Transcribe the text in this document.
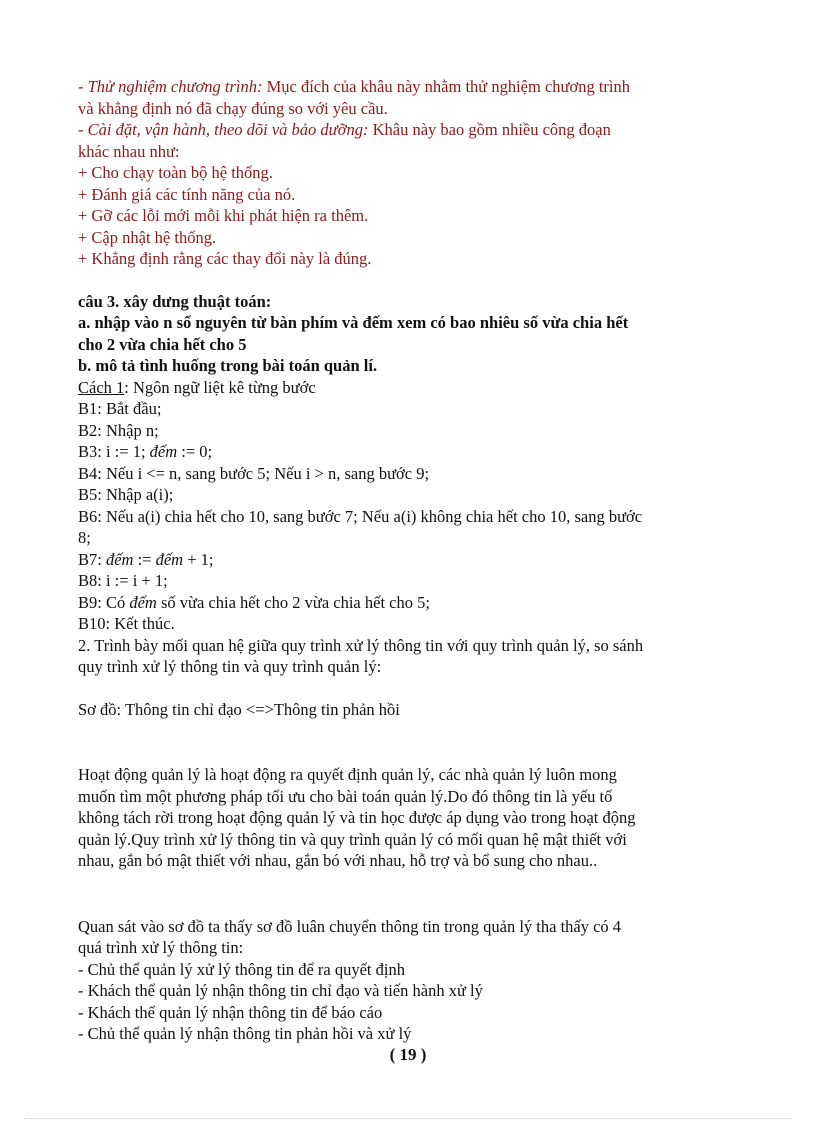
- Thử nghiệm chương trình: Mục đích của khâu này nhằm thử nghiệm chương trình
và khẳng định nó đã chạy đúng so với yêu cầu.
- Cài đặt, vận hành, theo dõi và bảo dưỡng: Khâu này bao gồm nhiều công đoạn
khác nhau như:
+ Cho chạy toàn bộ hệ thống.
+ Đánh giá các tính năng của nó.
+ Gỡ các lỗi mới mỗi khi phát hiện ra thêm.
+ Cập nhật hệ thống.
+ Khẳng định rằng các thay đổi này là đúng.
câu 3. xây dưng thuật toán:
a. nhập vào n số nguyên từ bàn phím và đếm xem có bao nhiêu số vừa chia hết
cho 2 vừa chia hết cho 5
b. mô tả tình huống trong bài toán quản lí.
Cách 1: Ngôn ngữ liệt kê từng bước
B1: Bắt đầu;
B2: Nhập n;
B3: i := 1; đếm := 0;
B4: Nếu i <= n, sang bước 5; Nếu i > n, sang bước 9;
B5: Nhập a(i);
B6: Nếu a(i) chia hết cho 10, sang bước 7; Nếu a(i) không chia hết cho 10, sang bước
8;
B7: đếm := đếm + 1;
B8: i := i + 1;
B9: Có đếm số vừa chia hết cho 2 vừa chia hết cho 5;
B10: Kết thúc.
2. Trình bày mối quan hệ giữa quy trình xử lý thông tin với quy trình quản lý, so sánh
quy trình xử lý thông tin và quy trình quản lý:
Sơ đồ: Thông tin chỉ đạo <=>Thông tin phản hồi
Hoạt động quản lý là hoạt động ra quyết định quản lý, các nhà quản lý luôn mong
muốn tìm một phương pháp tối ưu cho bài toán quản lý.Do đó thông tin là yếu tố
không tách rời trong hoạt động quản lý và tin học được áp dụng vào trong hoạt động
quản lý.Quy trình xử lý thông tin và quy trình quản lý có mối quan hệ mật thiết với
nhau, gắn bó mật thiết với nhau, gắn bó với nhau, hỗ trợ và bổ sung cho nhau..
Quan sát vào sơ đồ ta thấy sơ đồ luân chuyển thông tin trong quản lý tha thấy có 4
quá trình xử lý thông tin:
- Chủ thể quản lý xử lý thông tin để ra quyết định
- Khách thể quản lý nhận thông tin chỉ đạo và tiến hành xử lý
- Khách thể quản lý nhận thông tin để báo cáo
- Chủ thể quản lý nhận thông tin phản hồi và xử lý
( 19 )
